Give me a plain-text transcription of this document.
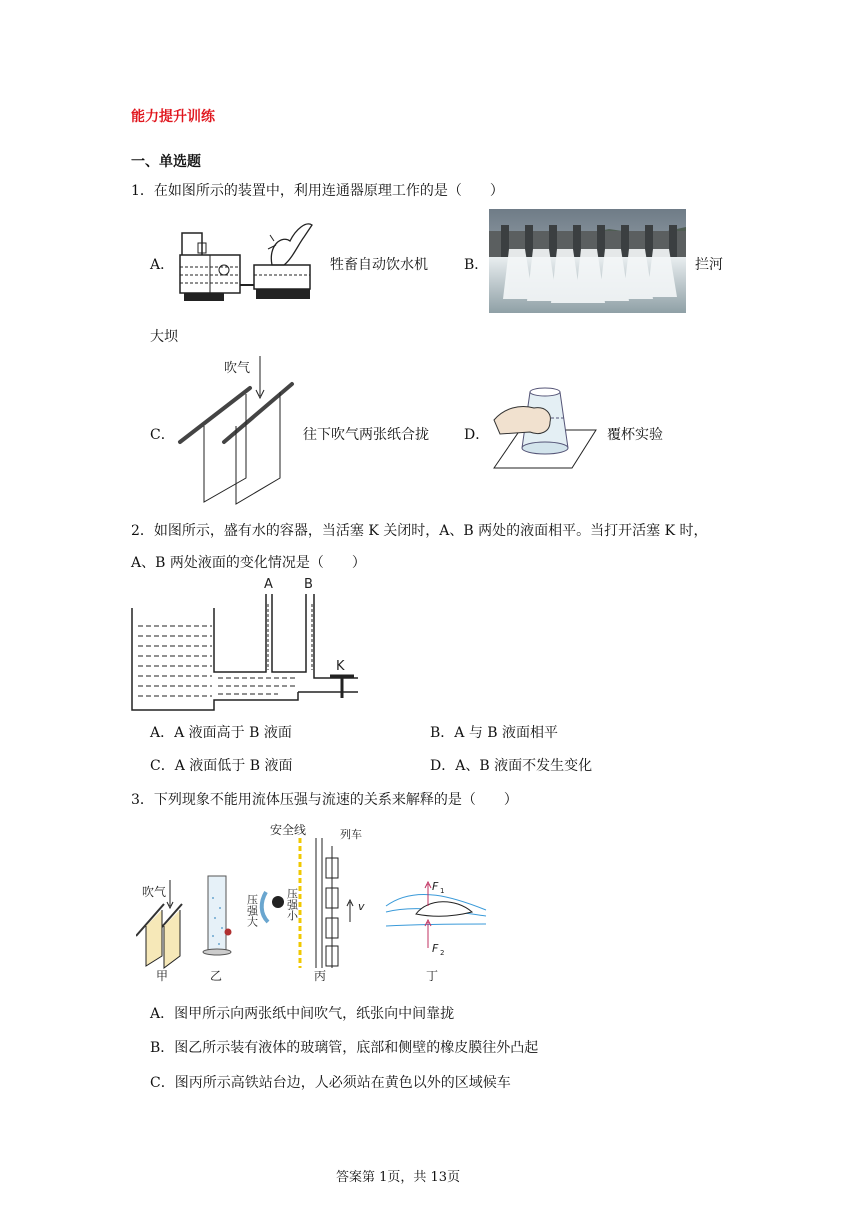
能力提升训练
一、单选题
1．在如图所示的装置中，利用连通器原理工作的是（　　）
A．	牲畜自动饮水机	B．	拦河
大坝
C．
吹气
往下吹气两张纸合拢	D．	覆杯实验
2．如图所示，盛有水的容器，当活塞 K 关闭时，A、B 两处的液面相平。当打开活塞 K 时，
A、B 两处液面的变化情况是（　　）
A B
K
A．A 液面高于 B 液面	B．A 与 B 液面相平
C．A 液面低于 B 液面	D．A、B 液面不发生变化
3．下列现象不能用流体压强与流速的关系来解释的是（　　）
吹气
甲	乙
安全线	列车
v
压强大 压强小
丙
F 1
F 2
丁
A．图甲所示向两张纸中间吹气，纸张向中间靠拢
B．图乙所示装有液体的玻璃管，底部和侧壁的橡皮膜往外凸起
C．图丙所示高铁站台边，人必须站在黄色以外的区域候车
答案第 1页，共 13页
